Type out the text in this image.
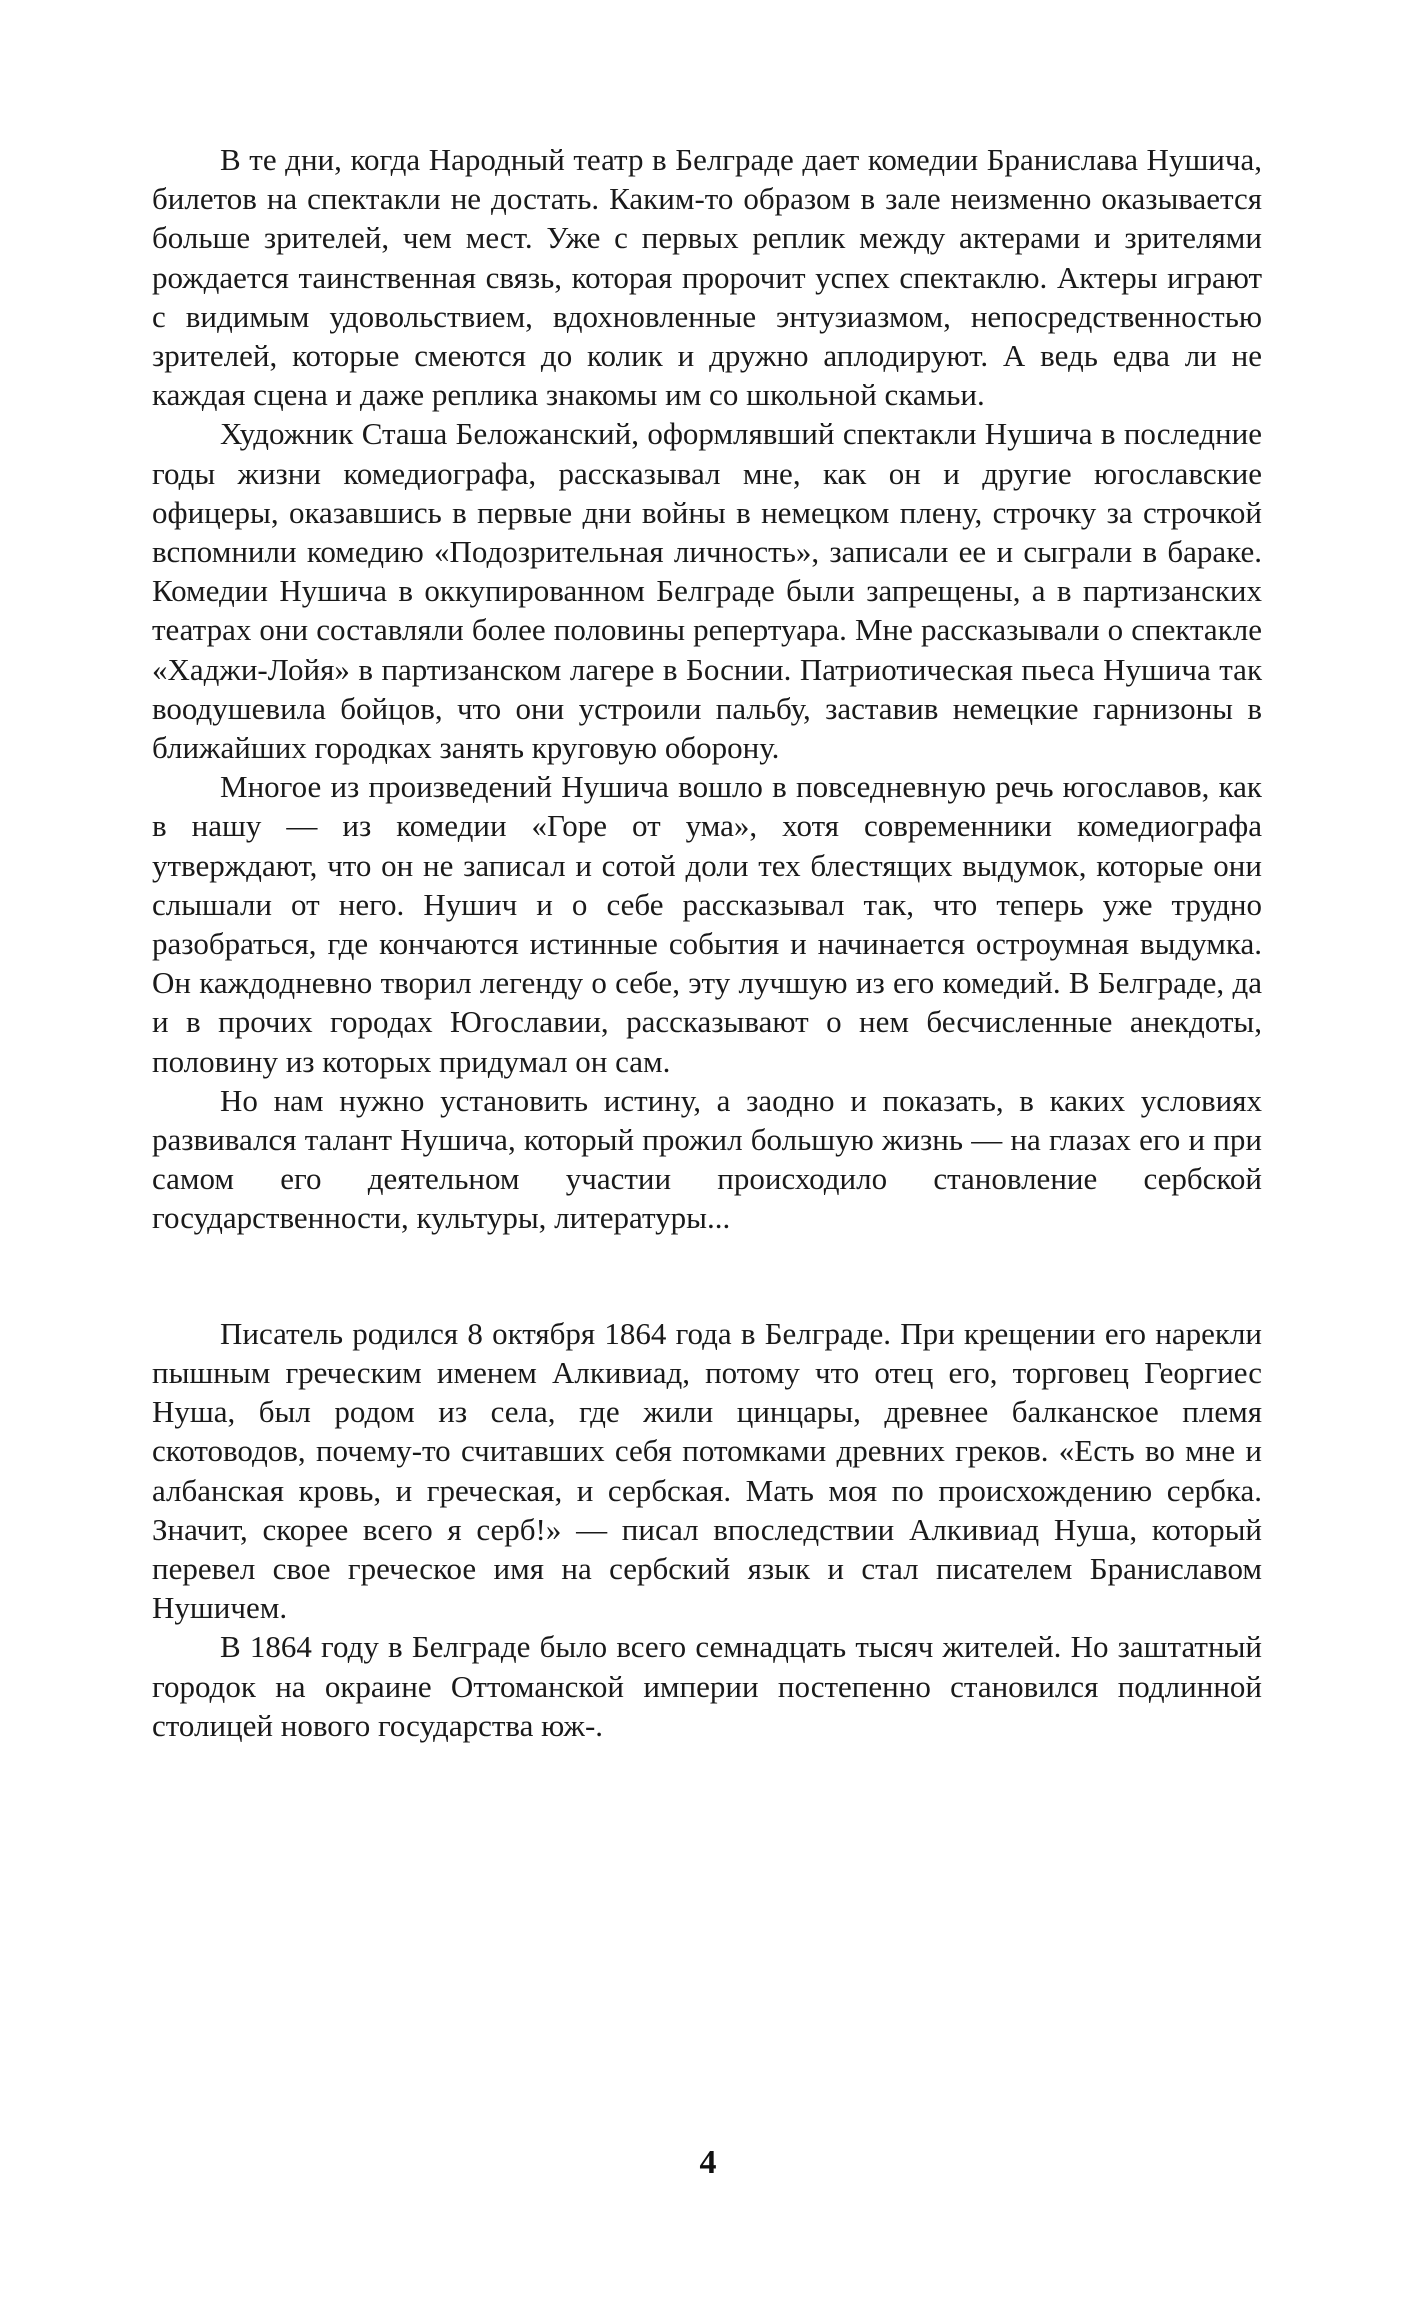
В те дни, когда Народный театр в Белграде дает комедии Бранислава Нушича, билетов на спектакли не достать. Каким-то образом в зале неизменно оказывается больше зрителей, чем мест. Уже с первых реплик между актерами и зрителями рождается таинственная связь, которая пророчит успех спектаклю. Актеры играют с видимым удовольствием, вдохновленные энтузиазмом, непосредственностью зрителей, которые смеются до колик и дружно аплодируют. А ведь едва ли не каждая сцена и даже реплика знакомы им со школьной скамьи.

Художник Сташа Беложанский, оформлявший спектакли Нушича в последние годы жизни комедиографа, рассказывал мне, как он и другие югославские офицеры, оказавшись в первые дни войны в немецком плену, строчку за строчкой вспомнили комедию «Подозрительная личность», записали ее и сыграли в бараке. Комедии Нушича в оккупированном Белграде были запрещены, а в партизанских театрах они составляли более половины репертуара. Мне рассказывали о спектакле «Хаджи-Лойя» в партизанском лагере в Боснии. Патриотическая пьеса Нушича так воодушевила бойцов, что они устроили пальбу, заставив немецкие гарнизоны в ближайших городках занять круговую оборону.

Многое из произведений Нушича вошло в повседневную речь югославов, как в нашу — из комедии «Горе от ума», хотя современники комедиографа утверждают, что он не записал и сотой доли тех блестящих выдумок, которые они слышали от него. Нушич и о себе рассказывал так, что теперь уже трудно разобраться, где кончаются истинные события и начинается остроумная выдумка. Он каждодневно творил легенду о себе, эту лучшую из его комедий. В Белграде, да и в прочих городах Югославии, рассказывают о нем бесчисленные анекдоты, половину из которых придумал он сам.

Но нам нужно установить истину, а заодно и показать, в каких условиях развивался талант Нушича, который прожил большую жизнь — на глазах его и при самом его деятельном участии происходило становление сербской государственности, культуры, литературы...

Писатель родился 8 октября 1864 года в Белграде. При крещении его нарекли пышным греческим именем Алкивиад, потому что отец его, торговец Георгиес Нуша, был родом из села, где жили цинцары, древнее балканское племя скотоводов, почему-то считавших себя потомками древних греков. «Есть во мне и албанская кровь, и греческая, и сербская. Мать моя по происхождению сербка. Значит, скорее всего я серб!» — писал впоследствии Алкивиад Нуша, который перевел свое греческое имя на сербский язык и стал писателем Браниславом Нушичем.

В 1864 году в Белграде было всего семнадцать тысяч жителей. Но заштатный городок на окраине Оттоманской империи постепенно становился подлинной столицей нового государства юж-.

4
